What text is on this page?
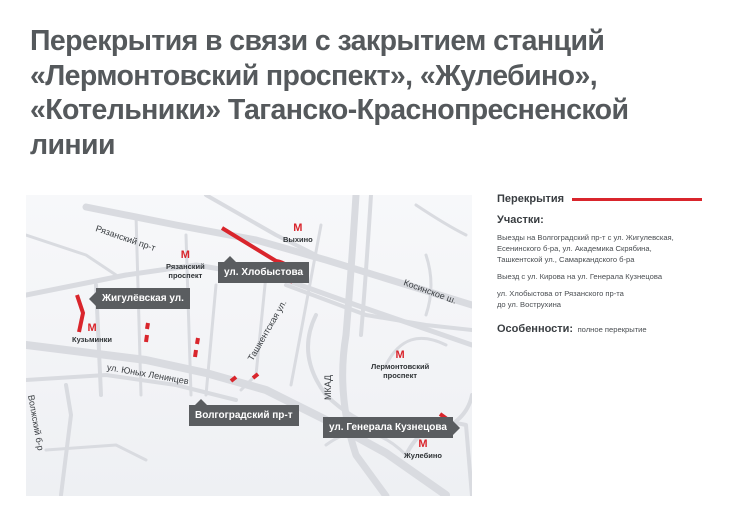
Перекрытия в связи с закрытием станций
«Лермонтовский проспект», «Жулебино»,
«Котельники» Таганско-Краснопресненской
линии
Рязанский пр-т
ул. Юных Ленинцев
Ташкентская ул.
МКАД
Косинское ш.
Волжский б-р
М
Рязанский
проспект
М
Выхино
М
Кузьминки
М
Лермонтовский
проспект
М
Жулебино
Жигулёвская ул.
ул. Хлобыстова
Волгоградский пр-т
ул. Генерала Кузнецова
Перекрытия
Участки:
Выезды на Волгоградский пр-т с ул. Жигулевская,
Есенинского б-ра, ул. Академика Скрябина,
Ташкентской ул., Самаркандского б-ра
Выезд с ул. Кирова на ул. Генерала Кузнецова
ул. Хлобыстова от Рязанского пр-та
до ул. Вострухина
Особенности: полное перекрытие
